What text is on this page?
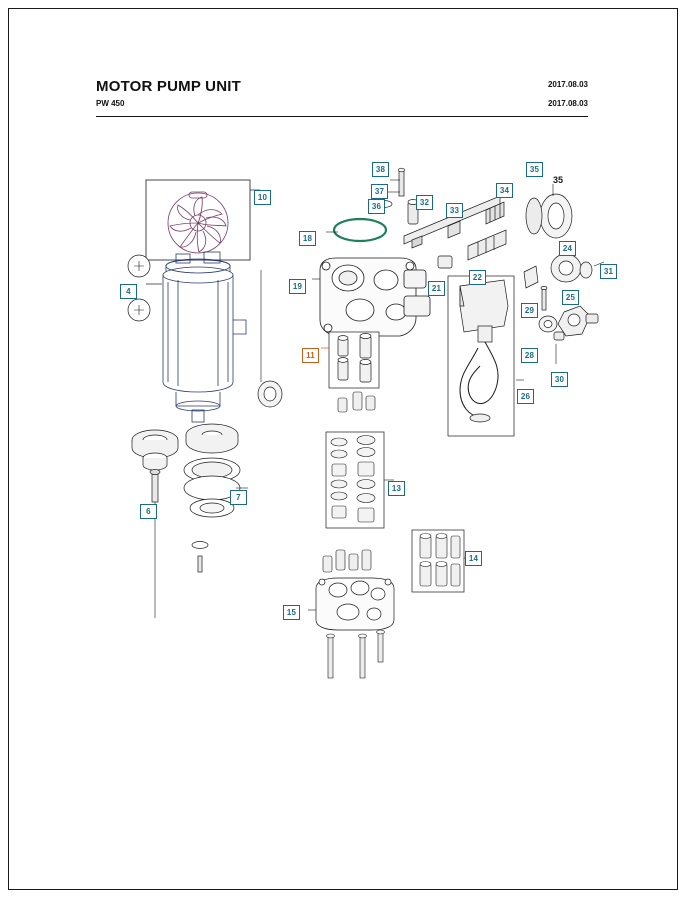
MOTOR PUMP UNIT
PW 450
2017.08.03
2017.08.03
10
4
6
7
11
13
14
15
18
19	21
22
24
25
26
28
29
30
31
32
33
34
35
36
37
38
35
